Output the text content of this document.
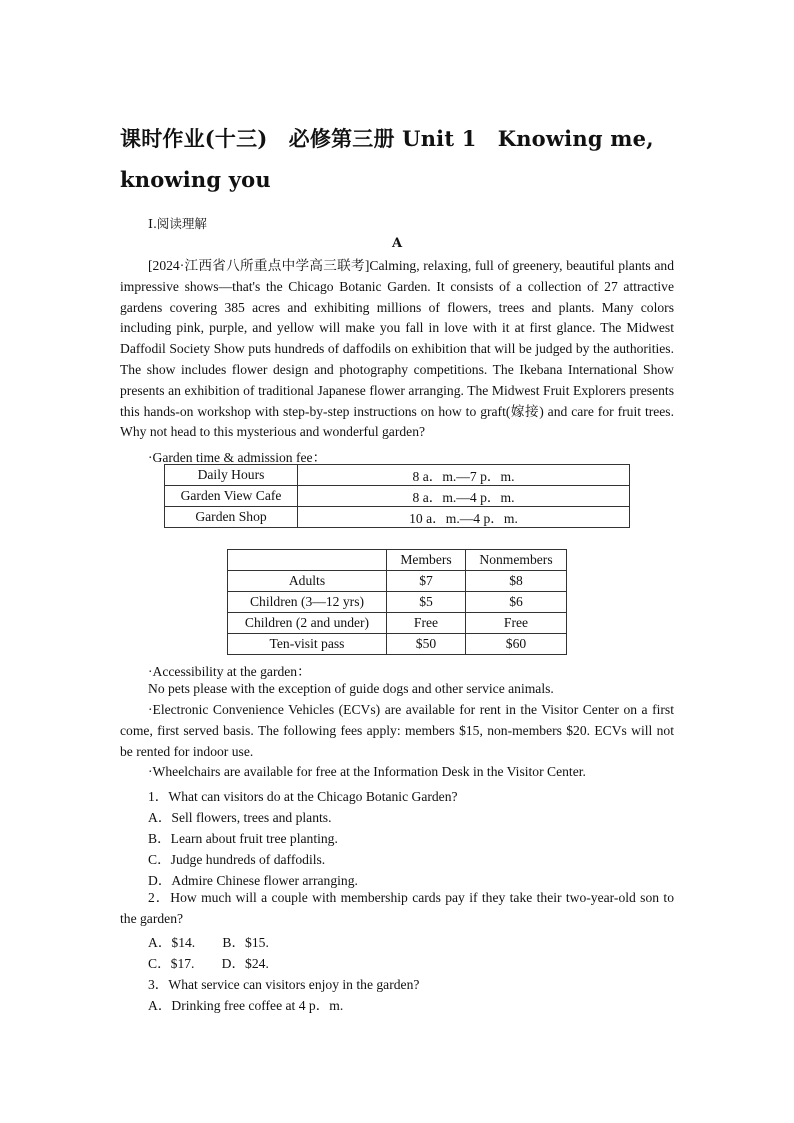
课时作业(十三)　必修第三册 Unit 1　Knowing me, knowing you
Ⅰ.阅读理解
A

[2024·江西省八所重点中学高三联考]Calming, relaxing, full of greenery, beautiful plants and impressive shows—that's the Chicago Botanic Garden. It consists of a collection of 27 attractive gardens covering 385 acres and exhibiting millions of flowers, trees and plants. Many colors including pink, purple, and yellow will make you fall in love with it at first glance. The Midwest Daffodil Society Show puts hundreds of daffodils on exhibition that will be judged by the authorities. The show includes flower design and photography competitions. The Ikebana International Show presents an exhibition of traditional Japanese flower arranging. The Midwest Fruit Explorers presents this hands-on workshop with step-by-step instructions on how to graft(嫁接) and care for fruit trees. Why not head to this mysterious and wonderful garden?

·Garden time & admission fee：
Daily Hours	8 a．m.—7 p．m.
Garden View Cafe	8 a．m.—4 p．m.
Garden Shop	10 a．m.—4 p．m.
	Members	Nonmembers
Adults	$7	$8
Children (3—12 yrs)	$5	$6
Children (2 and under)	Free	Free
Ten-visit pass	$50	$60
·Accessibility at the garden：
No pets please with the exception of guide dogs and other service animals.

·Electronic Convenience Vehicles (ECVs) are available for rent in the Visitor Center on a first come, first served basis. The following fees apply: members $15, non-members $20. ECVs will not be rented for indoor use.

·Wheelchairs are available for free at the Information Desk in the Visitor Center.
1．What can visitors do at the Chicago Botanic Garden?
A．Sell flowers, trees and plants.
B．Learn about fruit tree planting.
C．Judge hundreds of daffodils.
D．Admire Chinese flower arranging.

2．How much will a couple with membership cards pay if they take their two-year-old son to the garden?

A．$14.　　B．$15.
C．$17.　　D．$24.
3．What service can visitors enjoy in the garden?
A．Drinking free coffee at 4 p．m.
